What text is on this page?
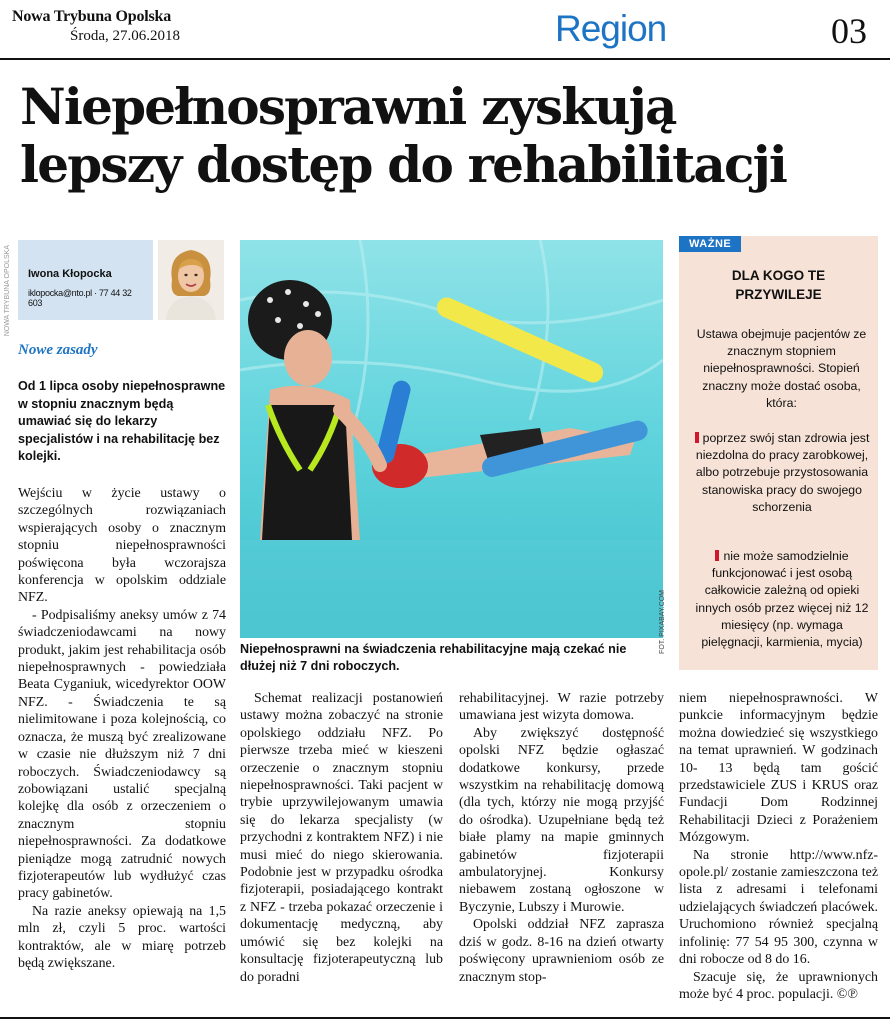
Nowa Trybuna Opolska
Środa, 27.06.2018	Region	03
Niepełnosprawni zyskują
lepszy dostęp do rehabilitacji
NOWA TRYBUNA OPOLSKA Iwona Kłopocka
iklopocka@nto.pl · 77 44 32 603
Nowe zasady
Od 1 lipca osoby niepełnosprawne w stopniu znacznym będą umawiać się do lekarzy specjalistów i na rehabilitację bez kolejki.

Wejściu w życie ustawy o szczególnych rozwiązaniach wspierających osoby o znacznym stopniu niepełnosprawności poświęcona była wczorajsza konferencja w opolskim oddziale NFZ.

- Podpisaliśmy aneksy umów z 74 świadczeniodawcami na nowy produkt, jakim jest rehabilitacja osób niepełnosprawnych - powiedziała Beata Cyganiuk, wicedyrektor OOW NFZ. - Świadczenia te są nielimitowane i poza kolejnością, co oznacza, że muszą być zrealizowane w czasie nie dłuższym niż 7 dni roboczych. Świadczeniodawcy są zobowiązani ustalić specjalną kolejkę dla osób z orzeczeniem o znacznym stopniu niepełnosprawności. Za dodatkowe pieniądze mogą zatrudnić nowych fizjoterapeutów lub wydłużyć czas pracy gabinetów.

Na razie aneksy opiewają na 1,5 mln zł, czyli 5 proc. wartości kontraktów, ale w miarę potrzeb będą zwiększane.

FOT. PIXABAY.COM
Niepełnosprawni na świadczenia rehabilitacyjne mają czekać nie dłużej niż 7 dni roboczych.
WAŻNE
DLA KOGO TE
PRZYWILEJE
Ustawa obejmuje pacjentów ze znacznym stopniem niepełnosprawności. Stopień znaczny może dostać osoba, która:
poprzez swój stan zdrowia jest niezdolna do pracy zarobkowej, albo potrzebuje przystosowania stanowiska pracy do swojego schorzenia
nie może samodzielnie funkcjonować i jest osobą całkowicie zależną od opieki innych osób przez więcej niż 12 miesięcy (np. wymaga pielęgnacji, karmienia, mycia)

Schemat realizacji postanowień ustawy można zobaczyć na stronie opolskiego oddziału NFZ. Po pierwsze trzeba mieć w kieszeni orzeczenie o znacznym stopniu niepełnosprawności. Taki pacjent w trybie uprzywilejowanym umawia się do lekarza specjalisty (w przychodni z kontraktem NFZ) i nie musi mieć do niego skierowania. Podobnie jest w przypadku ośrodka fizjoterapii, posiadającego kontrakt z NFZ - trzeba pokazać orzeczenie i dokumentację medyczną, aby umówić się bez kolejki na konsultację fizjoterapeutyczną lub do poradni

rehabilitacyjnej. W razie potrzeby umawiana jest wizyta domowa.

Aby zwiększyć dostępność opolski NFZ będzie ogłaszać dodatkowe konkursy, przede wszystkim na rehabilitację domową (dla tych, którzy nie mogą przyjść do ośrodka). Uzupełniane będą też białe plamy na mapie gminnych gabinetów fizjoterapii ambulatoryjnej. Konkursy niebawem zostaną ogłoszone w Byczynie, Lubszy i Murowie.

Opolski oddział NFZ zaprasza dziś w godz. 8-16 na dzień otwarty poświęcony uprawnieniom osób ze znacznym stop-

niem niepełnosprawności. W punkcie informacyjnym będzie można dowiedzieć się wszystkiego na temat uprawnień. W godzinach 10- 13 będą tam gościć przedstawiciele ZUS i KRUS oraz Fundacji Dom Rodzinnej Rehabilitacji Dzieci z Porażeniem Mózgowym.

Na stronie http://www.nfz-opole.pl/ zostanie zamieszczona też lista z adresami i telefonami udzielających świadczeń placówek. Uruchomiono również specjalną infolinię: 77 54 95 300, czynna w dni robocze od 8 do 16.

Szacuje się, że uprawnionych może być 4 proc. populacji. ©℗
